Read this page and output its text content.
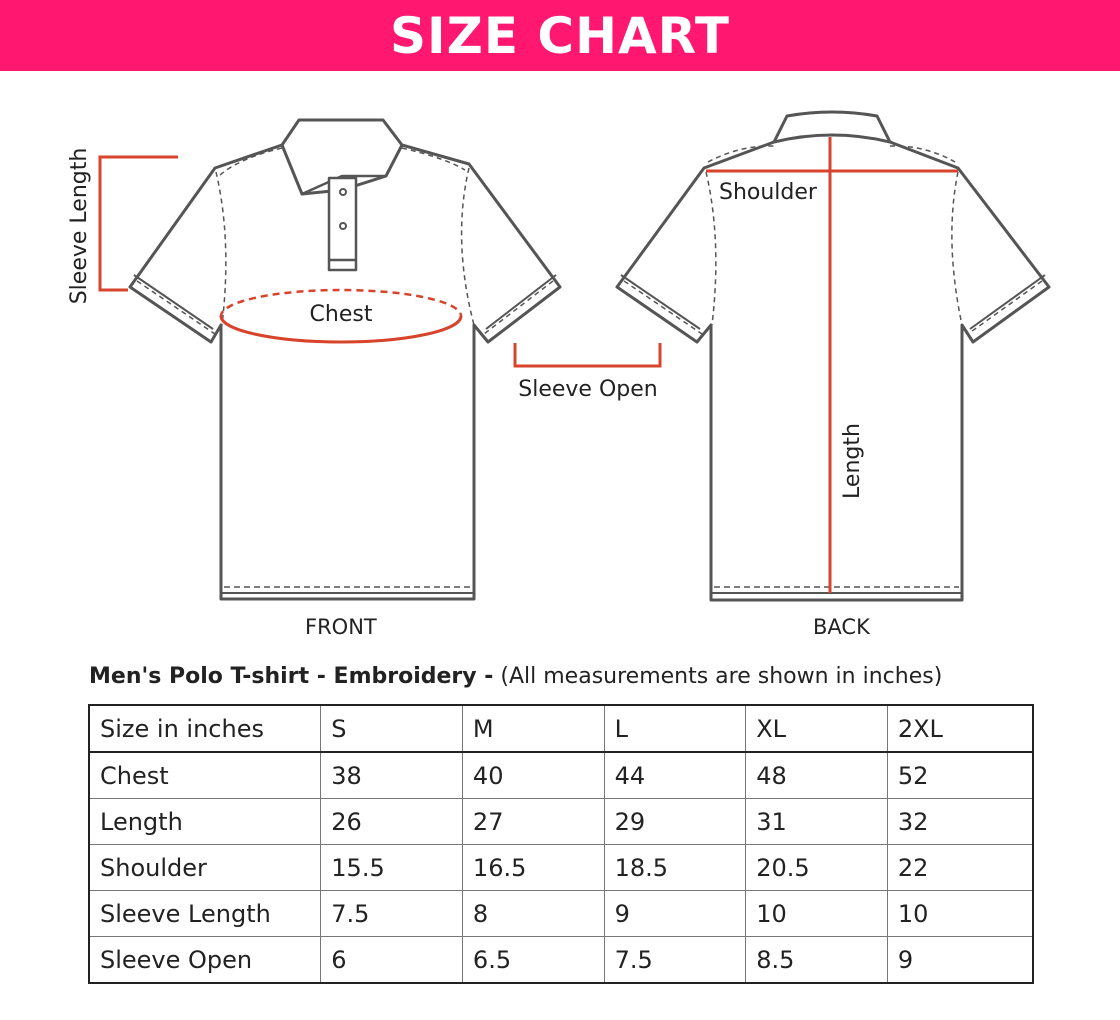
SIZE CHART
Sleeve Length
Chest
Sleeve Open
Shoulder
Length
FRONT	BACK
Men's Polo T-shirt - Embroidery - (All measurements are shown in inches)
Size in inches	S	M	L	XL	2XL
Chest	38	40	44	48	52
Length	26	27	29	31	32
Shoulder	15.5	16.5	18.5	20.5	22
Sleeve Length	7.5	8	9	10	10
Sleeve Open	6	6.5	7.5	8.5	9
